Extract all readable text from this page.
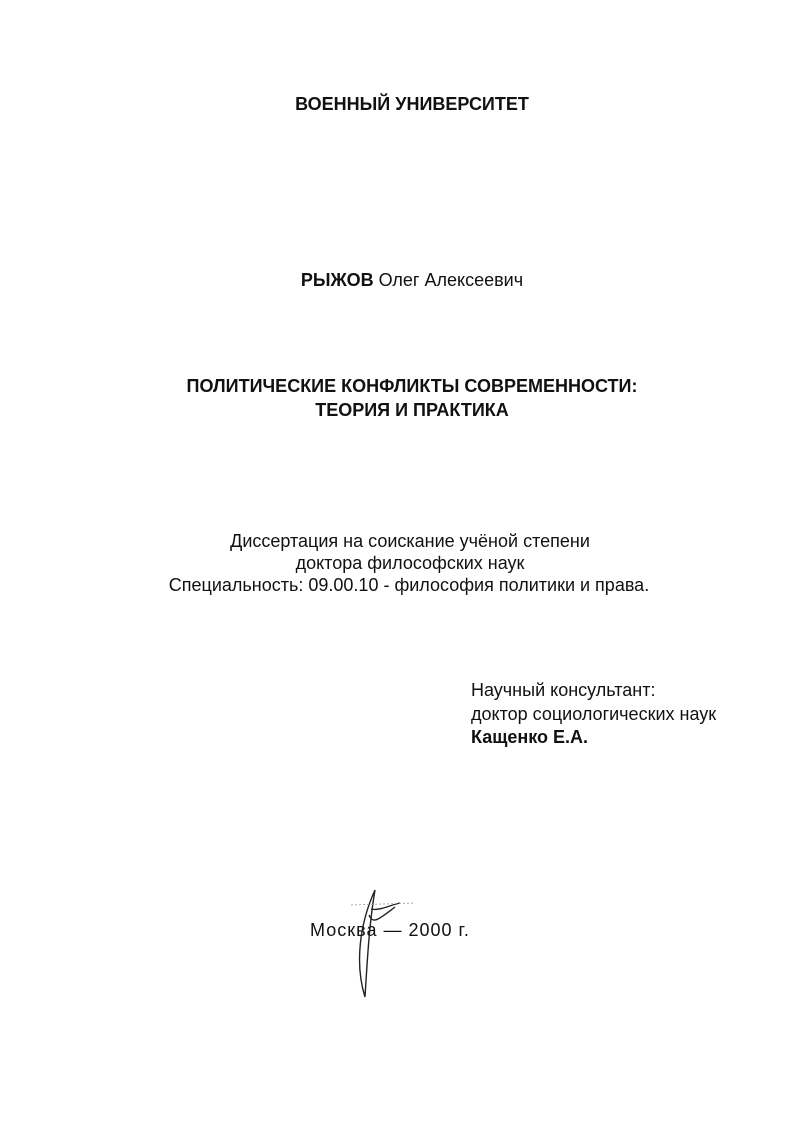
ВОЕННЫЙ УНИВЕРСИТЕТ
РЫЖОВ Олег Алексеевич
ПОЛИТИЧЕСКИЕ КОНФЛИКТЫ СОВРЕМЕННОСТИ:
ТЕОРИЯ И ПРАКТИКА
Диссертация на соискание учёной степени
доктора философских наук
Специальность: 09.00.10 - философия политики и права.
Научный консультант:
доктор социологических наук
Кащенко Е.А.
Москва — 2000 г.
